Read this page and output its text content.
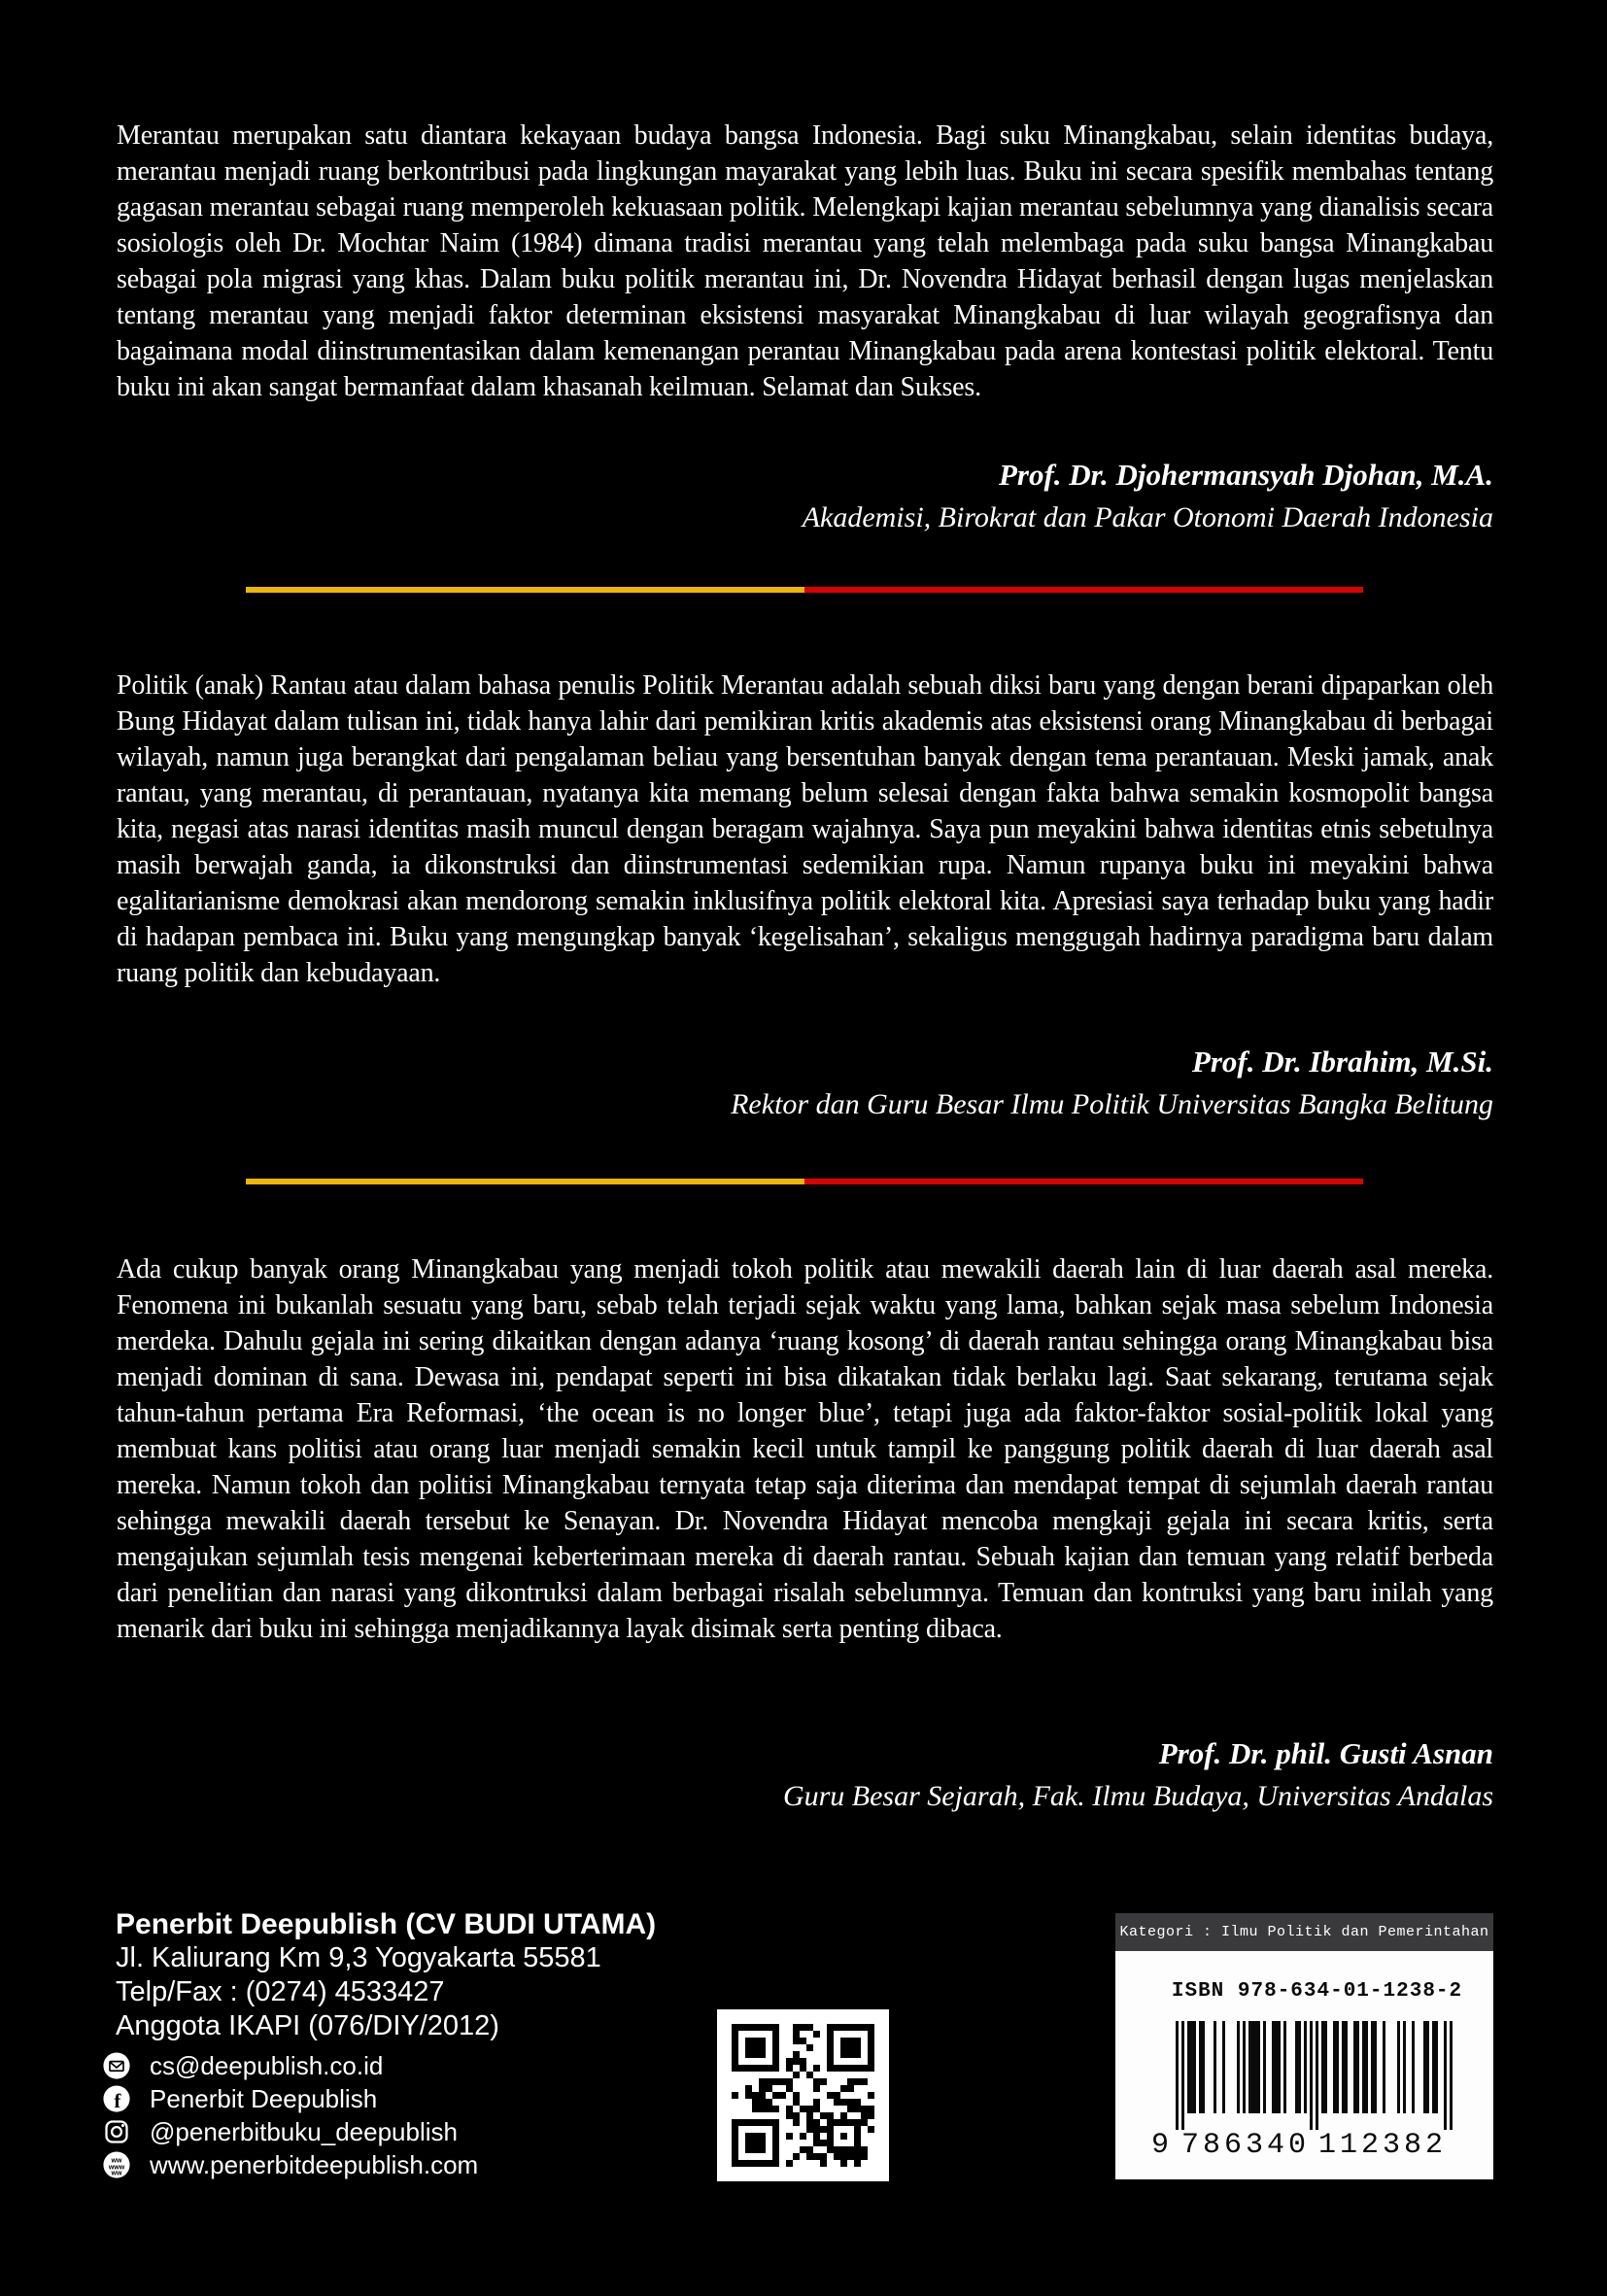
Merantau merupakan satu diantara kekayaan budaya bangsa Indonesia. Bagi suku Minangkabau, selain identitas budaya, merantau menjadi ruang berkontribusi pada lingkungan mayarakat yang lebih luas. Buku ini secara spesifik membahas tentang gagasan merantau sebagai ruang memperoleh kekuasaan politik. Melengkapi kajian merantau sebelumnya yang dianalisis secara sosiologis oleh Dr. Mochtar Naim (1984) dimana tradisi merantau yang telah melembaga pada suku bangsa Minangkabau sebagai pola migrasi yang khas. Dalam buku politik merantau ini, Dr. Novendra Hidayat berhasil dengan lugas menjelaskan tentang merantau yang menjadi faktor determinan eksistensi masyarakat Minangkabau di luar wilayah geografisnya dan bagaimana modal diinstrumentasikan dalam kemenangan perantau Minangkabau pada arena kontestasi politik elektoral. Tentu buku ini akan sangat bermanfaat dalam khasanah keilmuan. Selamat dan Sukses.

Prof. Dr. Djohermansyah Djohan, M.A.
Akademisi, Birokrat dan Pakar Otonomi Daerah Indonesia

Politik (anak) Rantau atau dalam bahasa penulis Politik Merantau adalah sebuah diksi baru yang dengan berani dipaparkan oleh Bung Hidayat dalam tulisan ini, tidak hanya lahir dari pemikiran kritis akademis atas eksistensi orang Minangkabau di berbagai wilayah, namun juga berangkat dari pengalaman beliau yang bersentuhan banyak dengan tema perantauan. Meski jamak, anak rantau, yang merantau, di perantauan, nyatanya kita memang belum selesai dengan fakta bahwa semakin kosmopolit bangsa kita, negasi atas narasi identitas masih muncul dengan beragam wajahnya. Saya pun meyakini bahwa identitas etnis sebetulnya masih berwajah ganda, ia dikonstruksi dan diinstrumentasi sedemikian rupa. Namun rupanya buku ini meyakini bahwa egalitarianisme demokrasi akan mendorong semakin inklusifnya politik elektoral kita. Apresiasi saya terhadap buku yang hadir di hadapan pembaca ini. Buku yang mengungkap banyak ‘kegelisahan’, sekaligus menggugah hadirnya paradigma baru dalam ruang politik dan kebudayaan.

Prof. Dr. Ibrahim, M.Si.
Rektor dan Guru Besar Ilmu Politik Universitas Bangka Belitung

Ada cukup banyak orang Minangkabau yang menjadi tokoh politik atau mewakili daerah lain di luar daerah asal mereka. Fenomena ini bukanlah sesuatu yang baru, sebab telah terjadi sejak waktu yang lama, bahkan sejak masa sebelum Indonesia merdeka. Dahulu gejala ini sering dikaitkan dengan adanya ‘ruang kosong’ di daerah rantau sehingga orang Minangkabau bisa menjadi dominan di sana. Dewasa ini, pendapat seperti ini bisa dikatakan tidak berlaku lagi. Saat sekarang, terutama sejak tahun-tahun pertama Era Reformasi, ‘the ocean is no longer blue’, tetapi juga ada faktor-faktor sosial-politik lokal yang membuat kans politisi atau orang luar menjadi semakin kecil untuk tampil ke panggung politik daerah di luar daerah asal mereka. Namun tokoh dan politisi Minangkabau ternyata tetap saja diterima dan mendapat tempat di sejumlah daerah rantau sehingga mewakili daerah tersebut ke Senayan. Dr. Novendra Hidayat mencoba mengkaji gejala ini secara kritis, serta mengajukan sejumlah tesis mengenai keberterimaan mereka di daerah rantau. Sebuah kajian dan temuan yang relatif berbeda dari penelitian dan narasi yang dikontruksi dalam berbagai risalah sebelumnya. Temuan dan kontruksi yang baru inilah yang menarik dari buku ini sehingga menjadikannya layak disimak serta penting dibaca.

Prof. Dr. phil. Gusti Asnan
Guru Besar Sejarah, Fak. Ilmu Budaya, Universitas Andalas
Penerbit Deepublish (CV BUDI UTAMA)
Jl. Kaliurang Km 9,3 Yogyakarta 55581
Telp/Fax : (0274) 4533427
Anggota IKAPI (076/DIY/2012)
cs@deepublish.co.id
f Penerbit Deepublish
@penerbitbuku_deepublish
ww
www
ww www.penerbitdeepublish.com
Kategori : Ilmu Politik dan Pemerintahan
ISBN 978-634-01-1238-2
9 786340 112382
